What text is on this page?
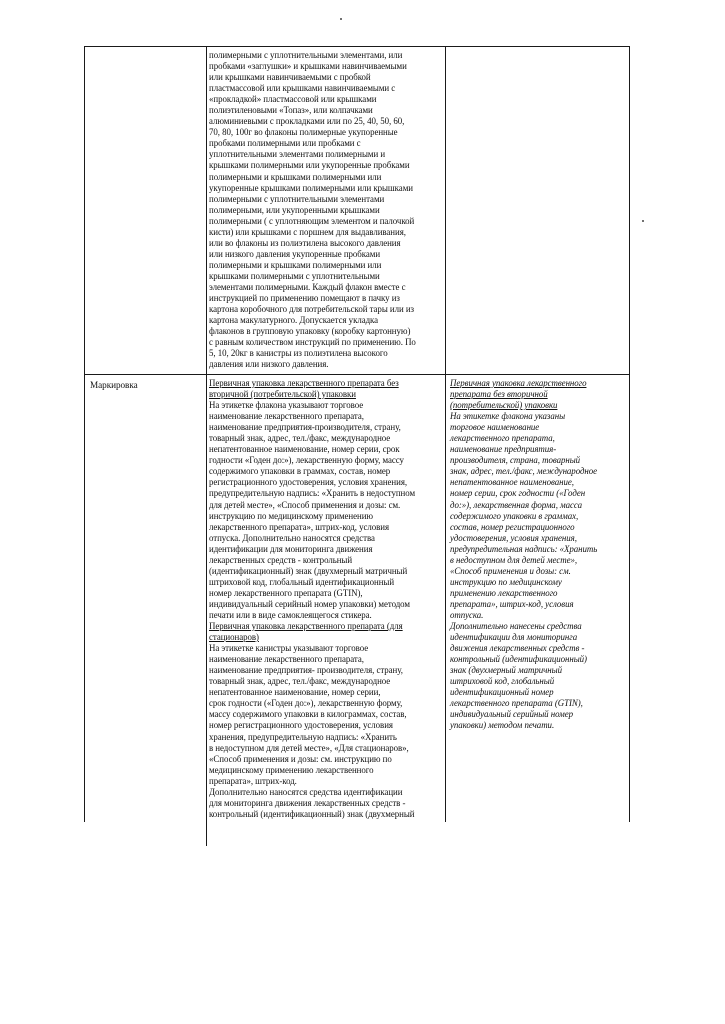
полимерными с уплотнительными элементами, или

пробками «заглушки» и крышками навинчиваемыми

или крышками навинчиваемыми с пробкой

пластмассовой или крышками навинчиваемыми с

«прокладкой» пластмассовой или крышками

полиэтиленовыми «Топаз», или колпачками

алюминиевыми с прокладками или по 25, 40, 50, 60,

70, 80, 100г во флаконы полимерные укупоренные

пробками полимерными или пробками с

уплотнительными элементами полимерными и

крышками полимерными или укупоренные пробками

полимерными и крышками полимерными или

укупоренные крышками полимерными или крышками

полимерными с уплотнительными элементами

полимерными, или укупоренными крышками

полимерными ( с уплотняющим элементом и палочкой

кисти) или крышками с поршнем для выдавливания,

или во флаконы из полиэтилена высокого давления

или низкого давления укупоренные пробками

полимерными и крышками полимерными или

крышками полимерными с уплотнительными

элементами полимерными. Каждый флакон вместе с

инструкцией по применению помещают в пачку из

картона коробочного для потребительской тары или из

картона макулатурного. Допускается укладка

флаконов в групповую упаковку (коробку картонную)

с равным количеством инструкций по применению. По

5, 10, 20кг в канистры из полиэтилена высокого

давления или низкого давления.

Маркировка	Первичная упаковка лекарственного препарата без

вторичной (потребительской) упаковки

На этикетке флакона указывают торговое

наименование лекарственного препарата,

наименование предприятия-производителя, страну,

товарный знак, адрес, тел./факс, международное

непатентованное наименование, номер серии, срок

годности «Годен до:»), лекарственную форму, массу

содержимого упаковки в граммах, состав, номер

регистрационного удостоверения, условия хранения,

предупредительную надпись: «Хранить в недоступном

для детей месте», «Способ применения и дозы: см.

инструкцию по медицинскому применению

лекарственного препарата», штрих-код, условия

отпуска. Дополнительно наносятся средства

идентификации для мониторинга движения

лекарственных средств - контрольный

(идентификационный) знак (двухмерный матричный

штриховой код, глобальный идентификационный

номер лекарственного препарата (GTIN),

индивидуальный серийный номер упаковки) методом

печати или в виде самоклеящегося стикера.

Первичная упаковка лекарственного препарата (для

стационаров)

На этикетке канистры указывают торговое

наименование лекарственного препарата,

наименование предприятия- производителя, страну,

товарный знак, адрес, тел./факс, международное

непатентованное наименование, номер серии,

срок годности («Годен до:»), лекарственную форму,

массу содержимого упаковки в килограммах, состав,

номер регистрационного удостоверения, условия

хранения, предупредительную надпись: «Хранить

в недоступном для детей месте», «Для стационаров»,

«Способ применения и дозы: см. инструкцию по

медицинскому применению лекарственного

препарата», штрих-код.

Дополнительно наносятся средства идентификации

для мониторинга движения лекарственных средств -

контрольный (идентификационный) знак (двухмерный

Первичная упаковка лекарственного

препарата без вторичной

(потребительской) упаковки

На этикетке флакона указаны

торговое наименование

лекарственного препарата,

наименование предприятия-

производителя, страна, товарный

знак, адрес, тел./факс, международное

непатентованное наименование,

номер серии, срок годности («Годен

до:»), лекарственная форма, масса

содержимого упаковки в граммах,

состав, номер регистрационного

удостоверения, условия хранения,

предупредительная надпись: «Хранить

в недоступном для детей месте»,

«Способ применения и дозы: см.

инструкцию по медицинскому

применению лекарственного

препарата», штрих-код, условия

отпуска.

Дополнительно нанесены средства

идентификации для мониторинга

движения лекарственных средств -

контрольный (идентификационный)

знак (двухмерный матричный

штриховой код, глобальный

идентификационный номер

лекарственного препарата (GTIN),

индивидуальный серийный номер

упаковки) методом печати.
